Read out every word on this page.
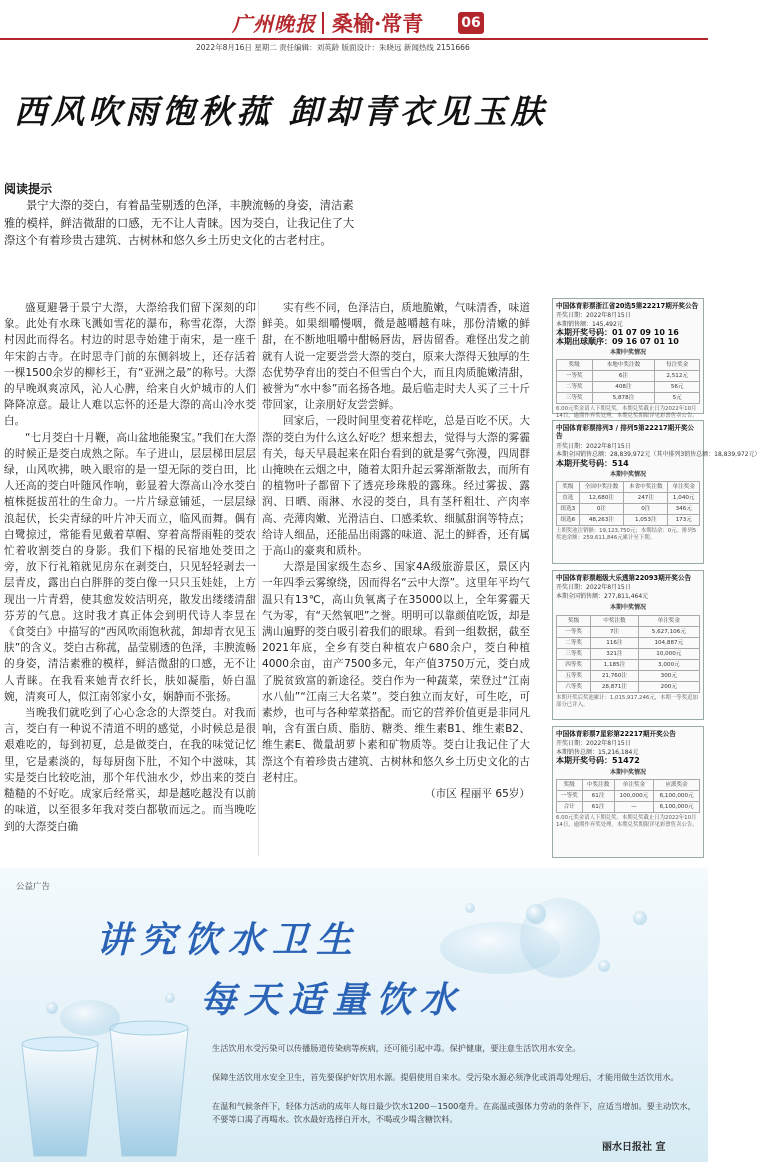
广州晚报 桑榆·常青	06
2022年8月16日 星期二 责任编辑：刘英龄 版面设计：朱晓远 新闻热线 2151666
西风吹雨饱秋菰 卸却青衣见玉肤
阅读提示
景宁大漈的茭白，有着晶莹剔透的色泽，丰腴流畅的身姿，清洁素雅的模样，鲜洁微甜的口感，无不让人青睐。因为茭白，让我记住了大漈这个有着珍贵古建筑、古树林和悠久乡土历史文化的古老村庄。

盛夏避暑于景宁大漈，大漈给我们留下深刻的印象。此处有水珠飞溅如雪花的瀑布，称雪花漈，大漈村因此而得名。村边的时思寺始建于南宋，是一座千年宋韵古寺。在时思寺门前的东侧斜坡上，还存活着一棵1500余岁的柳杉王，有“亚洲之最”的称号。大漈的早晚飒爽凉风，沁人心脾，给来自火炉城市的人们降降凉意。最让人难以忘怀的还是大漈的高山冷水茭白。

“七月茭白十月鞭，高山盆地能聚宝。”我们在大漈的时候正是茭白成熟之际。车子进山，层层梯田层层绿，山风吹拂，映入眼帘的是一望无际的茭白田，比人还高的茭白叶随风作响，彰显着大漈高山冷水茭白植株挺拔茁壮的生命力。一片片绿意铺延，一层层绿浪起伏，长尖青绿的叶片冲天而立，临风而舞。偶有白鹭掠过，常能看见戴着草帽、穿着高帮雨鞋的茭农忙着收割茭白的身影。我们下榻的民宿地处茭田之旁，放下行礼箱就见房东在剥茭白，只见轻轻剥去一层青皮，露出白白胖胖的茭白像一只只玉娃娃，上方现出一片青碧，使其愈发姣洁明亮，散发出缕缕清甜芬芳的气息。这时我才真正体会到明代诗人李昱在《食茭白》中描写的“西风吹雨饱秋菰，卸却青衣见玉肤”的含义。茭白古称菰，晶莹剔透的色泽，丰腴流畅的身姿，清洁素雅的模样，鲜洁微甜的口感，无不让人青睐。在我看来她青衣纤长，肤如凝脂，娇白温婉，清爽可人，似江南邻家小女，娴静而不张扬。

当晚我们就吃到了心心念念的大漈茭白。对我而言，茭白有一种说不清道不明的感觉，小时候总是很艰难吃的，每到初夏，总是做茭白，在我的味觉记忆里，它是素淡的，每每厨囱下肚，不知个中滋味，其实是茭白比较吃油，那个年代油水少，炒出来的茭白糙糙的不好吃。成家后经常买，却是越吃越没有以前的味道，以至很多年我对茭白都敬而远之。而当晚吃到的大漈茭白确

实有些不同，色泽洁白，质地脆嫩，气味清香，味道鲜美。如果细嚼慢咽，微是越嚼越有味，那份清嫩的鲜甜，在不断地咀嚼中酣畅唇齿，唇齿留香。难怪出发之前就有人说一定要尝尝大漈的茭白，原来大漈得天独厚的生态优势孕育出的茭白不但雪白个大，而且肉质脆嫩清甜，被誉为“水中参”而名扬各地。最后临走时夫人买了三十斤带回家，让亲朋好友尝尝鲜。

回家后，一段时间里变着花样吃，总是百吃不厌。大漈的茭白为什么这么好吃？想来想去，觉得与大漈的雾霾有关，每天早晨起来在阳台看到的就是雾气弥漫，四周群山掩映在云烟之中，随着太阳升起云雾渐渐散去，而所有的植物叶子都留下了透亮珍珠般的露珠。经过雾拔、露润、日晒、雨淋、水浸的茭白，具有茎秆粗壮、产肉率高、壳薄肉嫩、光滑洁白、口感柔软、细腻甜润等特点；给诗人细品，还能品出雨露的味道、泥土的鲜香，还有属于高山的豪爽和质朴。

大漈是国家级生态乡、国家4A级旅游景区，景区内一年四季云雾缭绕，因而得名“云中大漈”。这里年平均气温只有13℃，高山负氧离子在35000以上，全年雾霾天气为零，有“天然氧吧”之誉。明明可以靠颜值吃饭，却是满山遍野的茭白吸引着我们的眼球。看到一组数据，截至2021年底，全乡有茭白种植农户680余户，茭白种植4000余亩，亩产7500多元，年产值3750万元，茭白成了脱贫致富的新途径。茭白作为一种蔬菜，荣登过“江南水八仙”“江南三大名菜”。茭白独立而友好，可生吃，可素炒，也可与各种荤菜搭配。而它的营养价值更是非同凡响，含有蛋白质、脂肪、糖类、维生素B1、维生素B2、维生素E、微量胡萝卜素和矿物质等。茭白让我记住了大漈这个有着珍贵古建筑、古树林和悠久乡土历史文化的古老村庄。

（市区 程丽平 65岁）
中国体育彩票浙江省20选5第22217期开奖公告
开奖日期：2022年8月15日
本期销售额：145,492元
本期开奖号码：01 07 09 10 16
本期出球顺序：09 16 07 01 10
本期中奖情况
奖级	本地中奖注数	每注奖金
一等奖	6注	2,512元
二等奖	408注	56元
三等奖	5,878注	5元
6.00元奖金请人下期兑奖。本期兑奖截止日为2022年10月14日，逾期作弃奖处理。本期兑奖期限详见彩票售卖公告。
中国体育彩票排列3 / 排列5第22217期开奖公告
开奖日期：2022年8月15日
本期全国销售总额：28,839,972元（其中排列3销售总额：18,839,972元）
本期开奖号码：514
本期中奖情况
奖级	全国中奖注数	本省中奖注数	单注奖金
直选	12,680注	247注	1,040元
组选3	0注	0注	346元
组选6	48,263注	1,053注	173元
上期奖池注销额：19,123,750元；本期结余：0元。排列5奖池余额：259,611,846元累计至下期。
中国体育彩票超级大乐透第22093期开奖公告
开奖日期：2022年8月15日
本期全国销售额：277,811,464元
本期中奖情况
奖级	中奖注数	单注奖金
一等奖	7注	5,627,106元
二等奖	116注	104,887元
三等奖	321注	10,000元
四等奖	1,185注	3,000元
五等奖	21,760注	300元
六等奖	28,871注	200元
本期开奖后奖池累计：1,015,917,246元，本期一等奖追加部分已并入。
中国体育彩票7星彩第22217期开奖公告
开奖日期：2022年8月15日
本期销售总额：15,216,184元
本期开奖号码：51472
本期中奖情况
奖级	中奖注数	单注奖金	应派奖金
一等奖	61注	100,000元	6,100,000元
合计	61注	—	6,100,000元
6.00元奖金请人下期兑奖。本期兑奖截止日为2022年10月14日，逾期作弃奖处理。本期兑奖期限详见彩票售卖公告。
公益广告
讲究饮水卫生
每天适量饮水
生活饮用水受污染可以传播肠道传染病等疾病，还可能引起中毒。保护健康，要注意生活饮用水安全。
保障生活饮用水安全卫生，首先要保护好饮用水源。提倡使用自来水。受污染水源必须净化或消毒处理后，才能用做生活饮用水。
在温和气候条件下，轻体力活动的成年人每日最少饮水1200－1500毫升。在高温或强体力劳动的条件下，应适当增加。要主动饮水，不要等口渴了再喝水。饮水最好选择白开水，不喝或少喝含糖饮料。
丽水日报社 宣
